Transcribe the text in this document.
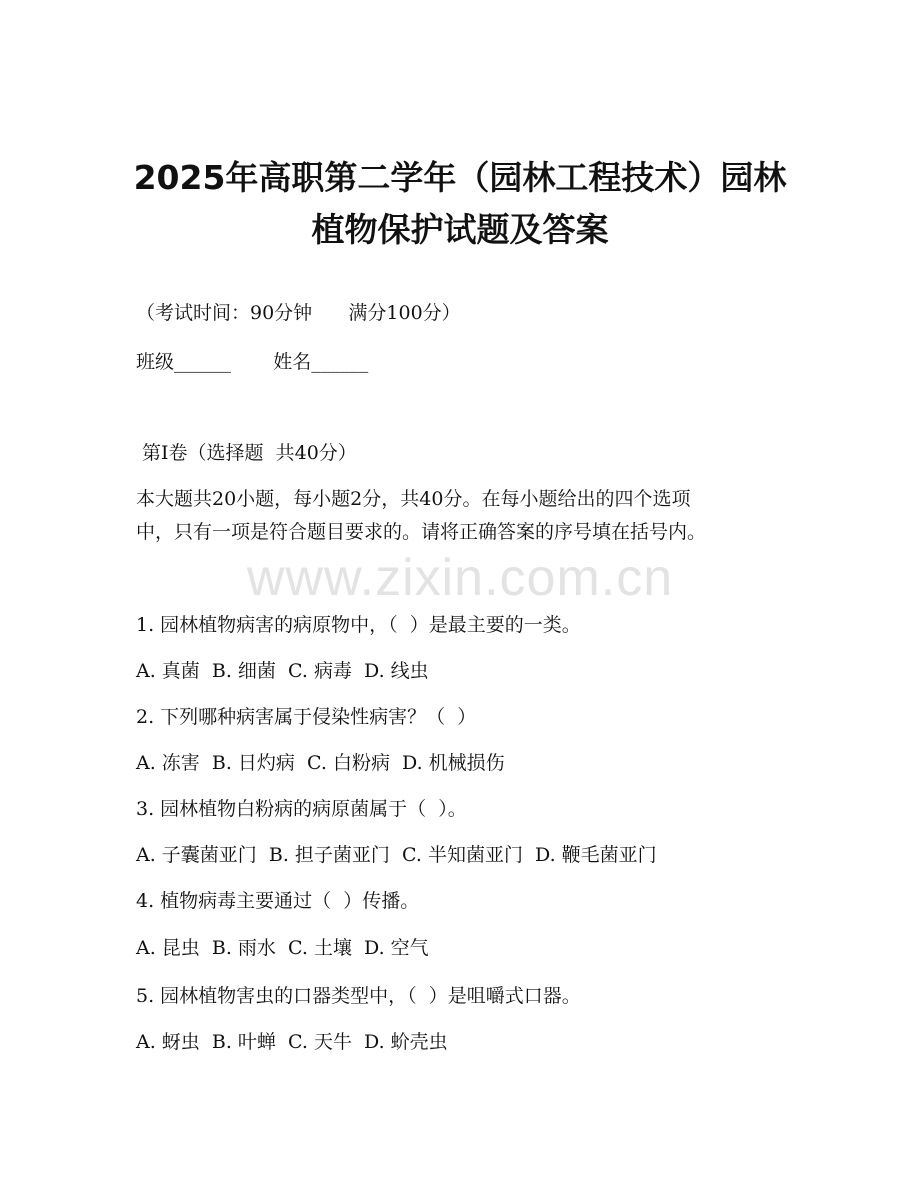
2025年高职第二学年（园林工程技术）园林
植物保护试题及答案
（考试时间：90分钟      满分100分）
班级______       姓名______
第I卷（选择题  共40分）
本大题共20小题，每小题2分，共40分。在每小题给出的四个选项
中，只有一项是符合题目要求的。请将正确答案的序号填在括号内。
www.zixin.com.cn
1. 园林植物病害的病原物中，（  ）是最主要的一类。
A. 真菌  B. 细菌  C. 病毒  D. 线虫
2. 下列哪种病害属于侵染性病害？（  ）
A. 冻害  B. 日灼病  C. 白粉病  D. 机械损伤
3. 园林植物白粉病的病原菌属于（  ）。
A. 子囊菌亚门  B. 担子菌亚门  C. 半知菌亚门  D. 鞭毛菌亚门
4. 植物病毒主要通过（  ）传播。
A. 昆虫  B. 雨水  C. 土壤  D. 空气
5. 园林植物害虫的口器类型中，（  ）是咀嚼式口器。
A. 蚜虫  B. 叶蝉  C. 天牛  D. 蚧壳虫
